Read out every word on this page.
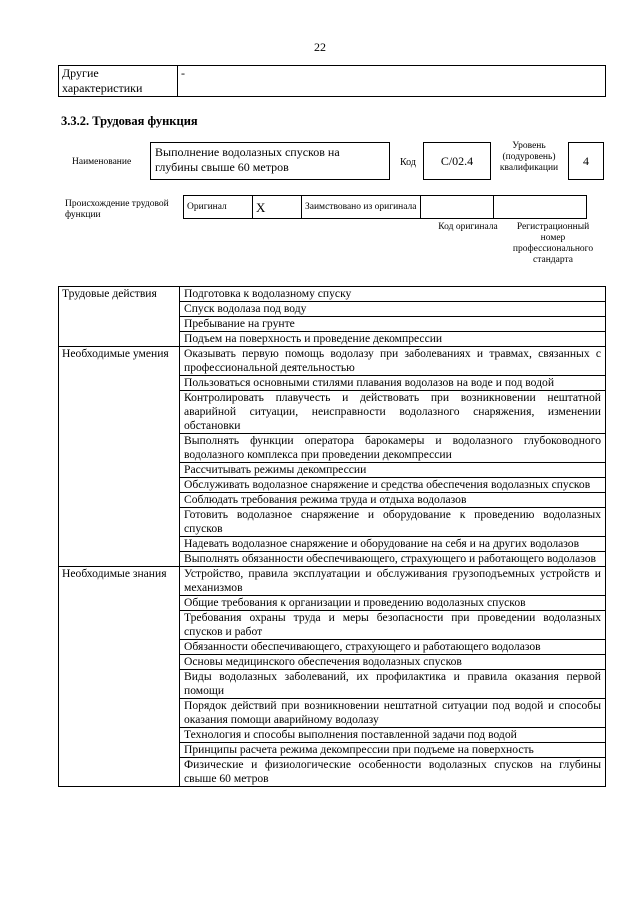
22
Другие характеристики	-
3.3.2. Трудовая функция
Наименование
Выполнение водолазных спусков на глубины свыше 60 метров	Код	С/02.4
Уровень (подуровень) квалификации	4
Происхождение трудовой функции
Оригинал	Х	Заимствовано из оригинала		
Код оригинала	Регистрационный номер профессионального стандарта
Трудовые действия	Подготовка к водолазному спуску
	Спуск водолаза под воду
	Пребывание на грунте
	Подъем на поверхность и проведение декомпрессии
Необходимые умения	Оказывать первую помощь водолазу при заболеваниях и травмах, связанных с профессиональной деятельностью
	Пользоваться основными стилями плавания водолазов на воде и под водой
	Контролировать плавучесть и действовать при возникновении нештатной аварийной ситуации, неисправности водолазного снаряжения, изменении обстановки
	Выполнять функции оператора барокамеры и водолазного глубоководного водолазного комплекса при проведении декомпрессии
	Рассчитывать режимы декомпрессии
	Обслуживать водолазное снаряжение и средства обеспечения водолазных спусков
	Соблюдать требования режима труда и отдыха водолазов
	Готовить водолазное снаряжение и оборудование к проведению водолазных спусков
	Надевать водолазное снаряжение и оборудование на себя и на других водолазов
	Выполнять обязанности обеспечивающего, страхующего и работающего водолазов
Необходимые знания	Устройство, правила эксплуатации и обслуживания грузоподъемных устройств и механизмов
	Общие требования к организации и проведению водолазных спусков
	Требования охраны труда и меры безопасности при проведении водолазных спусков и работ
	Обязанности обеспечивающего, страхующего и работающего водолазов
	Основы медицинского обеспечения водолазных спусков
	Виды водолазных заболеваний, их профилактика и правила оказания первой помощи
	Порядок действий при возникновении нештатной ситуации под водой и способы оказания помощи аварийному водолазу
	Технология и способы выполнения поставленной задачи под водой
	Принципы расчета режима декомпрессии при подъеме на поверхность
	Физические и физиологические особенности водолазных спусков на глубины свыше 60 метров
